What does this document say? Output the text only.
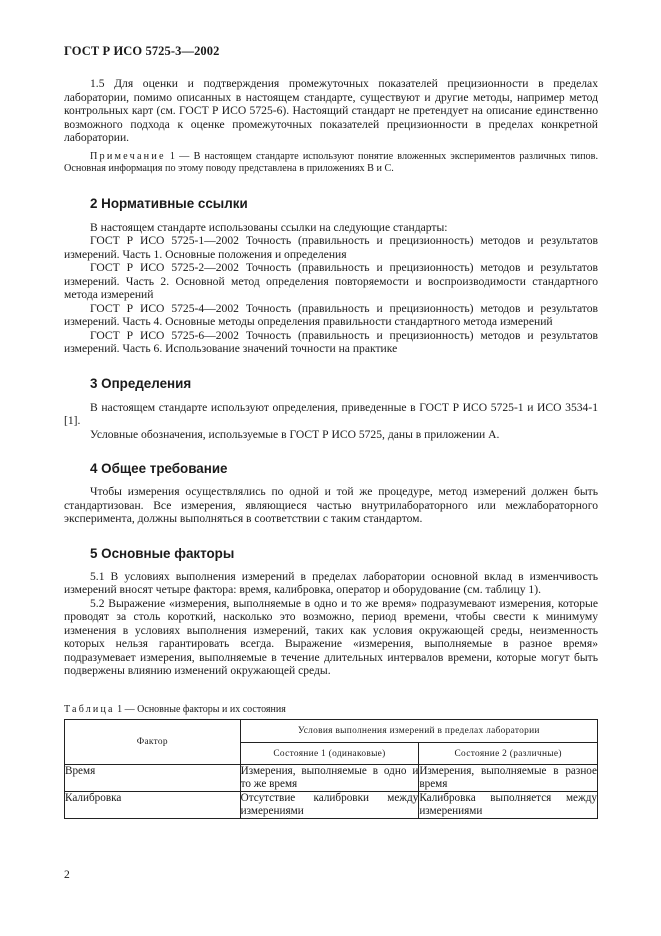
ГОСТ Р ИСО 5725-3—2002

1.5 Для оценки и подтверждения промежуточных показателей прецизионности в пределах лаборатории, помимо описанных в настоящем стандарте, существуют и другие методы, например метод контрольных карт (см. ГОСТ Р ИСО 5725-6). Настоящий стандарт не претендует на описание единственно возможного подхода к оценке промежуточных показателей прецизионности в пределах конкретной лаборатории.

Примечание 1 — В настоящем стандарте используют понятие вложенных экспериментов различных типов. Основная информация по этому поводу представлена в приложениях В и С.

2 Нормативные ссылки

В настоящем стандарте использованы ссылки на следующие стандарты:

ГОСТ Р ИСО 5725-1—2002 Точность (правильность и прецизионность) методов и результатов измерений. Часть 1. Основные положения и определения

ГОСТ Р ИСО 5725-2—2002 Точность (правильность и прецизионность) методов и результатов измерений. Часть 2. Основной метод определения повторяемости и воспроизводимости стандартного метода измерений

ГОСТ Р ИСО 5725-4—2002 Точность (правильность и прецизионность) методов и результатов измерений. Часть 4. Основные методы определения правильности стандартного метода измерений

ГОСТ Р ИСО 5725-6—2002 Точность (правильность и прецизионность) методов и результатов измерений. Часть 6. Использование значений точности на практике

3 Определения

В настоящем стандарте используют определения, приведенные в ГОСТ Р ИСО 5725-1 и ИСО 3534-1 [1].

Условные обозначения, используемые в ГОСТ Р ИСО 5725, даны в приложении А.

4 Общее требование

Чтобы измерения осуществлялись по одной и той же процедуре, метод измерений должен быть стандартизован. Все измерения, являющиеся частью внутрилабораторного или межлабораторного эксперимента, должны выполняться в соответствии с таким стандартом.

5 Основные факторы

5.1 В условиях выполнения измерений в пределах лаборатории основной вклад в изменчивость измерений вносят четыре фактора: время, калибровка, оператор и оборудование (см. таблицу 1).

5.2 Выражение «измерения, выполняемые в одно и то же время» подразумевают измерения, которые проводят за столь короткий, насколько это возможно, период времени, чтобы свести к минимуму изменения в условиях выполнения измерений, таких как условия окружающей среды, неизменность которых нельзя гарантировать всегда. Выражение «измерения, выполняемые в разное время» подразумевает измерения, выполняемые в течение длительных интервалов времени, которые могут быть подвержены влиянию изменений окружающей среды.

Таблица 1 — Основные факторы и их состояния
Фактор	Условия выполнения измерений в пределах лаборатории	
	Состояние 1 (одинаковые)	Состояние 2 (различные)
Время	Измерения, выполняемые в одно и то же время	Измерения, выполняемые в разное время
Калибровка	Отсутствие калибровки между измерениями	Калибровка выполняется между измерениями
2
